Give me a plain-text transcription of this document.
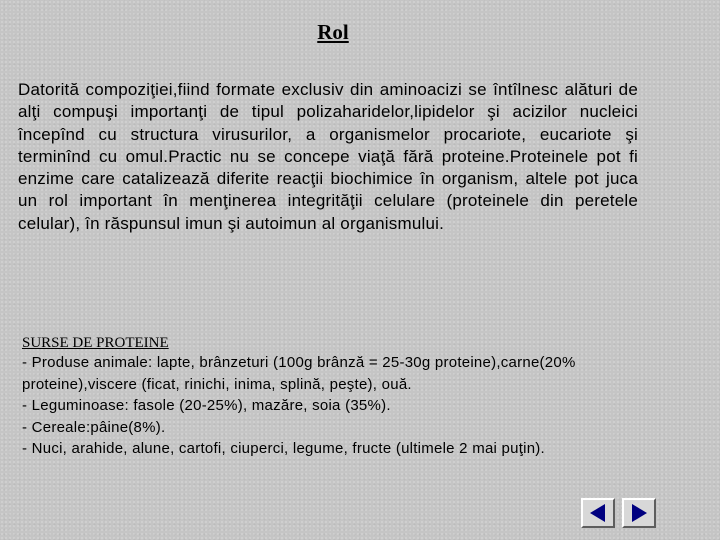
Rol

Datorită compoziţiei,fiind formate exclusiv din aminoacizi se întîlnesc alături de alţi compuşi importanţi de tipul polizaharidelor,lipidelor şi acizilor nucleici începînd cu structura virusurilor, a organismelor procariote, eucariote şi terminînd cu omul.Practic nu se concepe viaţă fără proteine.Proteinele pot fi enzime care catalizează diferite reacţii biochimice în organism, altele pot juca un rol important în menţinerea integrităţii celulare (proteinele din peretele celular), în răspunsul imun şi autoimun al organismului.

SURSE DE PROTEINE
- Produse animale: lapte, brânzeturi (100g brânză = 25-30g proteine),carne(20% proteine),viscere (ficat, rinichi, inima, splină, peşte), ouă.
- Leguminoase: fasole (20-25%), mazăre, soia (35%).
- Cereale:pâine(8%).
- Nuci, arahide, alune, cartofi, ciuperci, legume, fructe (ultimele 2 mai puţin).
